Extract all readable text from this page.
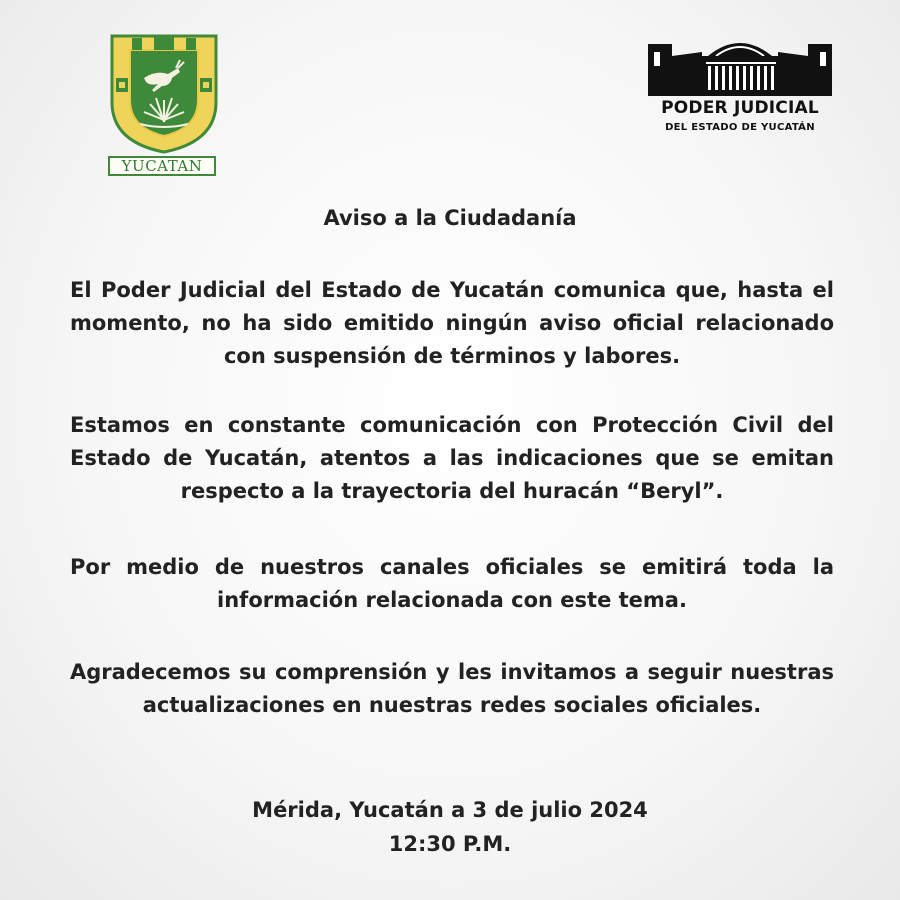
YUCATAN
PODER JUDICIAL
DEL ESTADO DE YUCATÁN
Aviso a la Ciudadanía
El Poder Judicial del Estado de Yucatán comunica que, hasta el momento, no ha sido emitido ningún aviso oficial relacionado con suspensión de términos y labores.
Estamos en constante comunicación con Protección Civil del Estado de Yucatán, atentos a las indicaciones que se emitan respecto a la trayectoria del huracán “Beryl”.
Por medio de nuestros canales oficiales se emitirá toda la información relacionada con este tema.
Agradecemos su comprensión y les invitamos a seguir nuestras actualizaciones en nuestras redes sociales oficiales.
Mérida, Yucatán a 3 de julio 2024
12:30 P.M.
